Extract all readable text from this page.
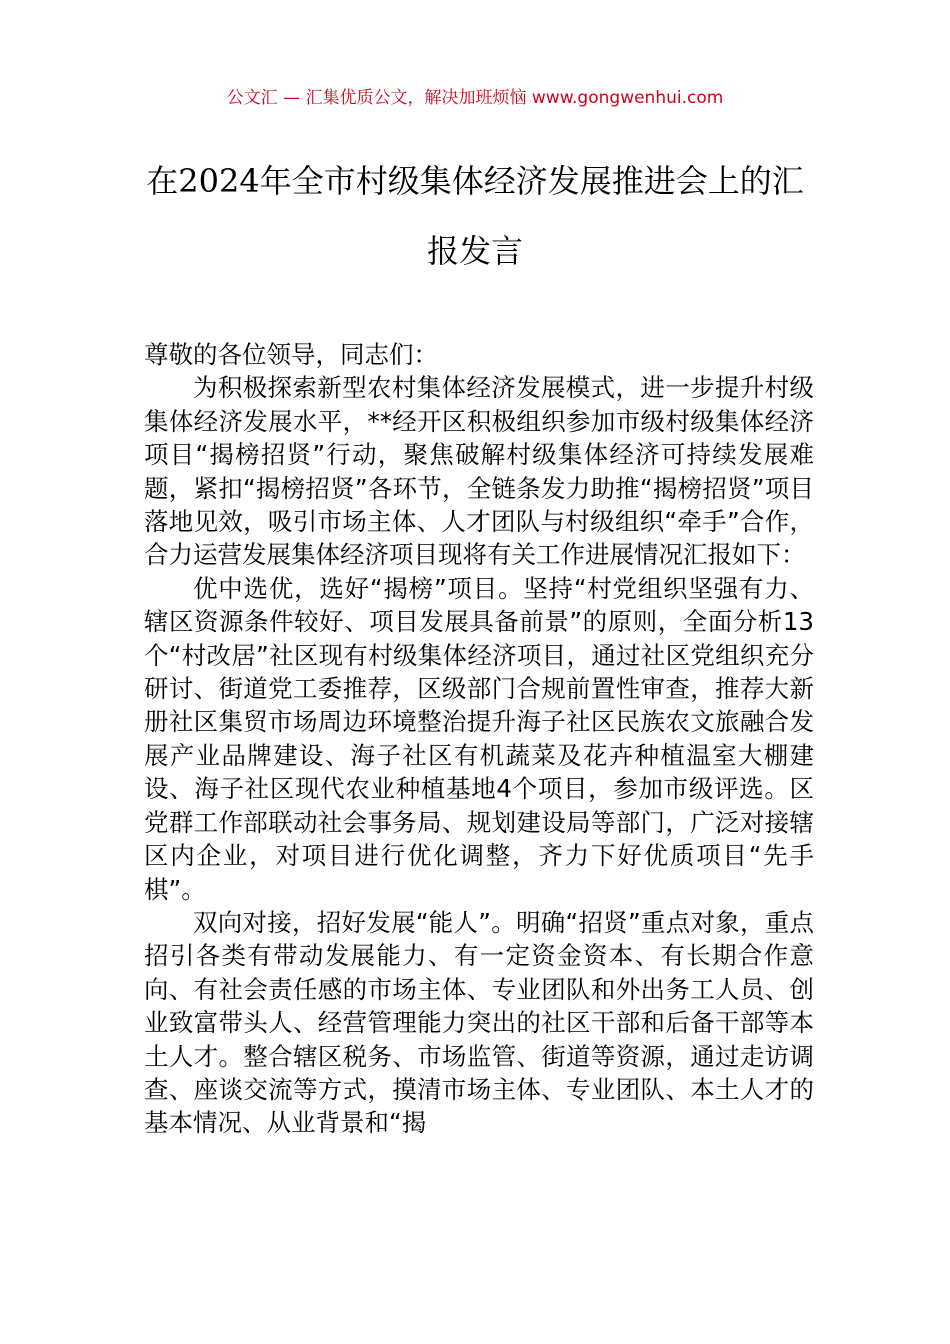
公文汇 — 汇集优质公文，解决加班烦恼 www.gongwenhui.com
在2024年全市村级集体经济发展推进会上的汇报发言

尊敬的各位领导，同志们：

为积极探索新型农村集体经济发展模式，进一步提升村级集体经济发展水平，**经开区积极组织参加市级村级集体经济项目“揭榜招贤”行动，聚焦破解村级集体经济可持续发展难题，紧扣“揭榜招贤”各环节，全链条发力助推“揭榜招贤”项目落地见效，吸引市场主体、人才团队与村级组织“牵手”合作，合力运营发展集体经济项目现将有关工作进展情况汇报如下：

优中选优，选好“揭榜”项目。坚持“村党组织坚强有力、辖区资源条件较好、项目发展具备前景”的原则，全面分析13个“村改居”社区现有村级集体经济项目，通过社区党组织充分研讨、街道党工委推荐，区级部门合规前置性审查，推荐大新册社区集贸市场周边环境整治提升海子社区民族农文旅融合发展产业品牌建设、海子社区有机蔬菜及花卉种植温室大棚建设、海子社区现代农业种植基地4个项目，参加市级评选。区党群工作部联动社会事务局、规划建设局等部门，广泛对接辖区内企业，对项目进行优化调整，齐力下好优质项目“先手棋”。

双向对接，招好发展“能人”。明确“招贤”重点对象，重点招引各类有带动发展能力、有一定资金资本、有长期合作意向、有社会责任感的市场主体、专业团队和外出务工人员、创业致富带头人、经营管理能力突出的社区干部和后备干部等本土人才。整合辖区税务、市场监管、街道等资源，通过走访调查、座谈交流等方式，摸清市场主体、专业团队、本土人才的基本情况、从业背景和“揭
